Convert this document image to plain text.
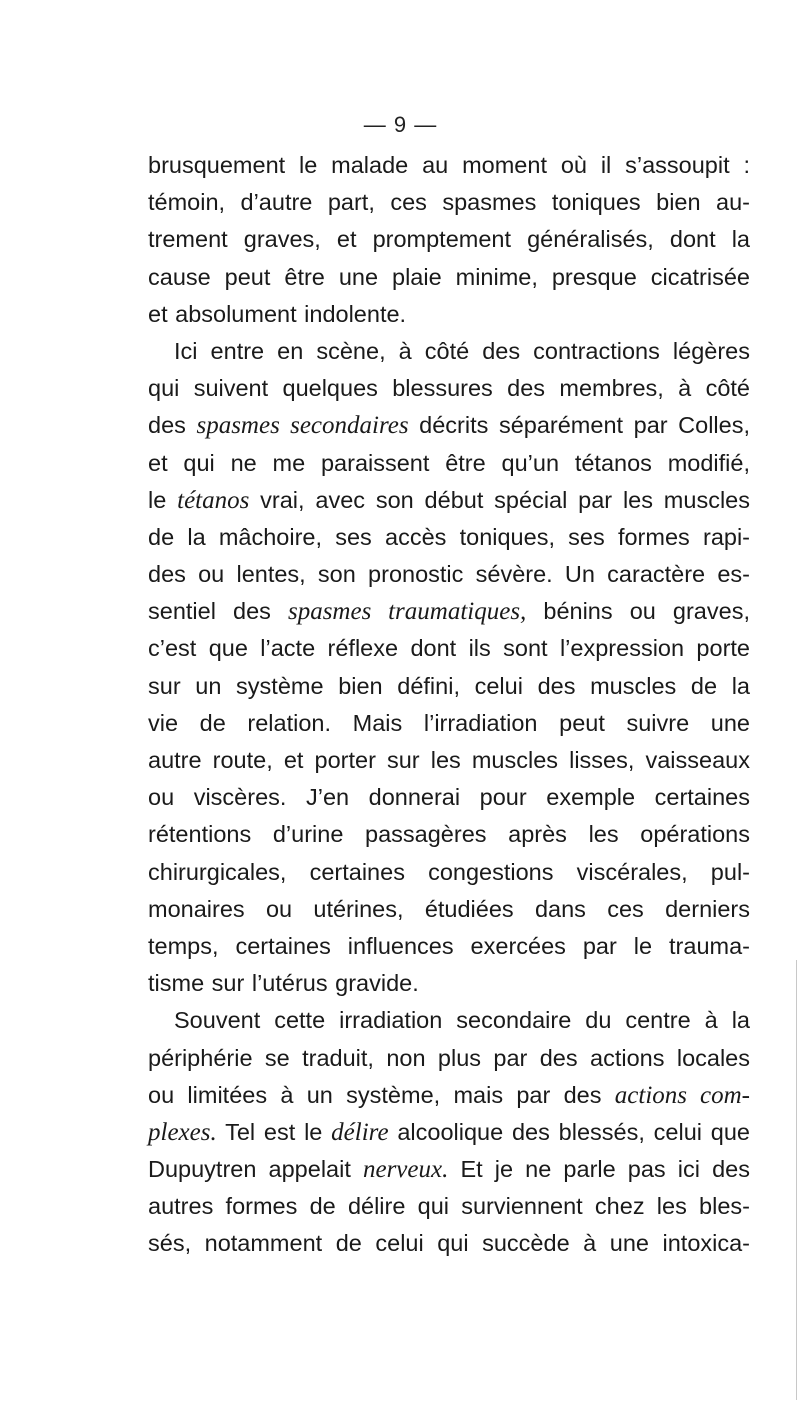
— 9 —
brusquement le malade au moment où il s’assoupit :
témoin, d’autre part, ces spasmes toniques bien au-
trement graves, et promptement généralisés, dont la
cause peut être une plaie minime, presque cicatrisée
et absolument indolente.
Ici entre en scène, à côté des contractions légères
qui suivent quelques blessures des membres, à côté
des spasmes secondaires décrits séparément par Colles,
et qui ne me paraissent être qu’un tétanos modifié,
le tétanos vrai, avec son début spécial par les muscles
de la mâchoire, ses accès toniques, ses formes rapi-
des ou lentes, son pronostic sévère. Un caractère es-
sentiel des spasmes traumatiques, bénins ou graves,
c’est que l’acte réflexe dont ils sont l’expression porte
sur un système bien défini, celui des muscles de la
vie de relation. Mais l’irradiation peut suivre une
autre route, et porter sur les muscles lisses, vaisseaux
ou viscères. J’en donnerai pour exemple certaines
rétentions d’urine passagères après les opérations
chirurgicales, certaines congestions viscérales, pul-
monaires ou utérines, étudiées dans ces derniers
temps, certaines influences exercées par le trauma-
tisme sur l’utérus gravide.
Souvent cette irradiation secondaire du centre à la
périphérie se traduit, non plus par des actions locales
ou limitées à un système, mais par des actions com-
plexes. Tel est le délire alcoolique des blessés, celui que
Dupuytren appelait nerveux. Et je ne parle pas ici des
autres formes de délire qui surviennent chez les bles-
sés, notamment de celui qui succède à une intoxica-
